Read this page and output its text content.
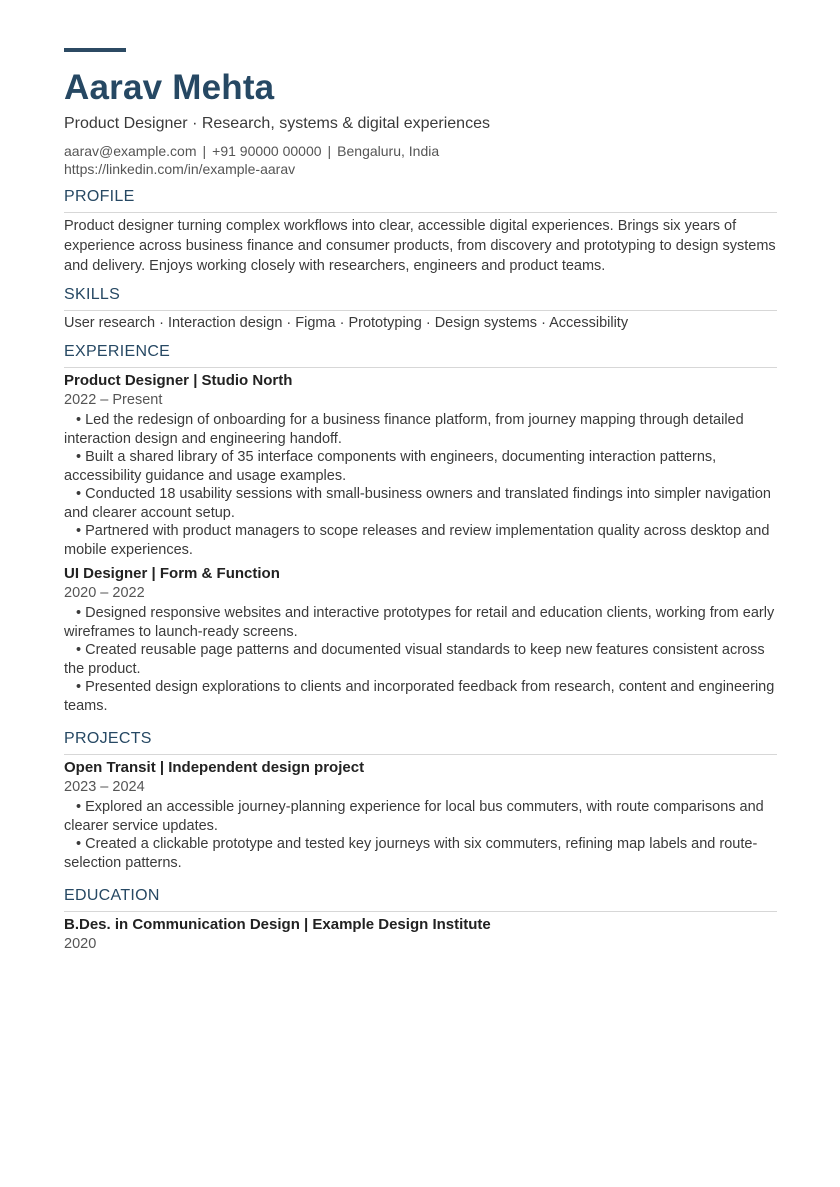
Aarav Mehta
Product Designer · Research, systems & digital experiences
aarav@example.com | +91 90000 00000 | Bengaluru, India
https://linkedin.com/in/example-aarav
PROFILE
Product designer turning complex workflows into clear, accessible digital experiences. Brings six years of experience across business finance and consumer products, from discovery and prototyping to design systems and delivery. Enjoys working closely with researchers, engineers and product teams.
SKILLS
User research · Interaction design · Figma · Prototyping · Design systems · Accessibility
EXPERIENCE
Product Designer | Studio North
2022 – Present
• Led the redesign of onboarding for a business finance platform, from journey mapping through detailed interaction design and engineering handoff.
• Built a shared library of 35 interface components with engineers, documenting interaction patterns, accessibility guidance and usage examples.
• Conducted 18 usability sessions with small-business owners and translated findings into simpler navigation and clearer account setup.
• Partnered with product managers to scope releases and review implementation quality across desktop and mobile experiences.
UI Designer | Form & Function
2020 – 2022
• Designed responsive websites and interactive prototypes for retail and education clients, working from early wireframes to launch-ready screens.
• Created reusable page patterns and documented visual standards to keep new features consistent across the product.
• Presented design explorations to clients and incorporated feedback from research, content and engineering teams.
PROJECTS
Open Transit | Independent design project
2023 – 2024
• Explored an accessible journey-planning experience for local bus commuters, with route comparisons and clearer service updates.
• Created a clickable prototype and tested key journeys with six commuters, refining map labels and route-selection patterns.
EDUCATION
B.Des. in Communication Design | Example Design Institute
2020
